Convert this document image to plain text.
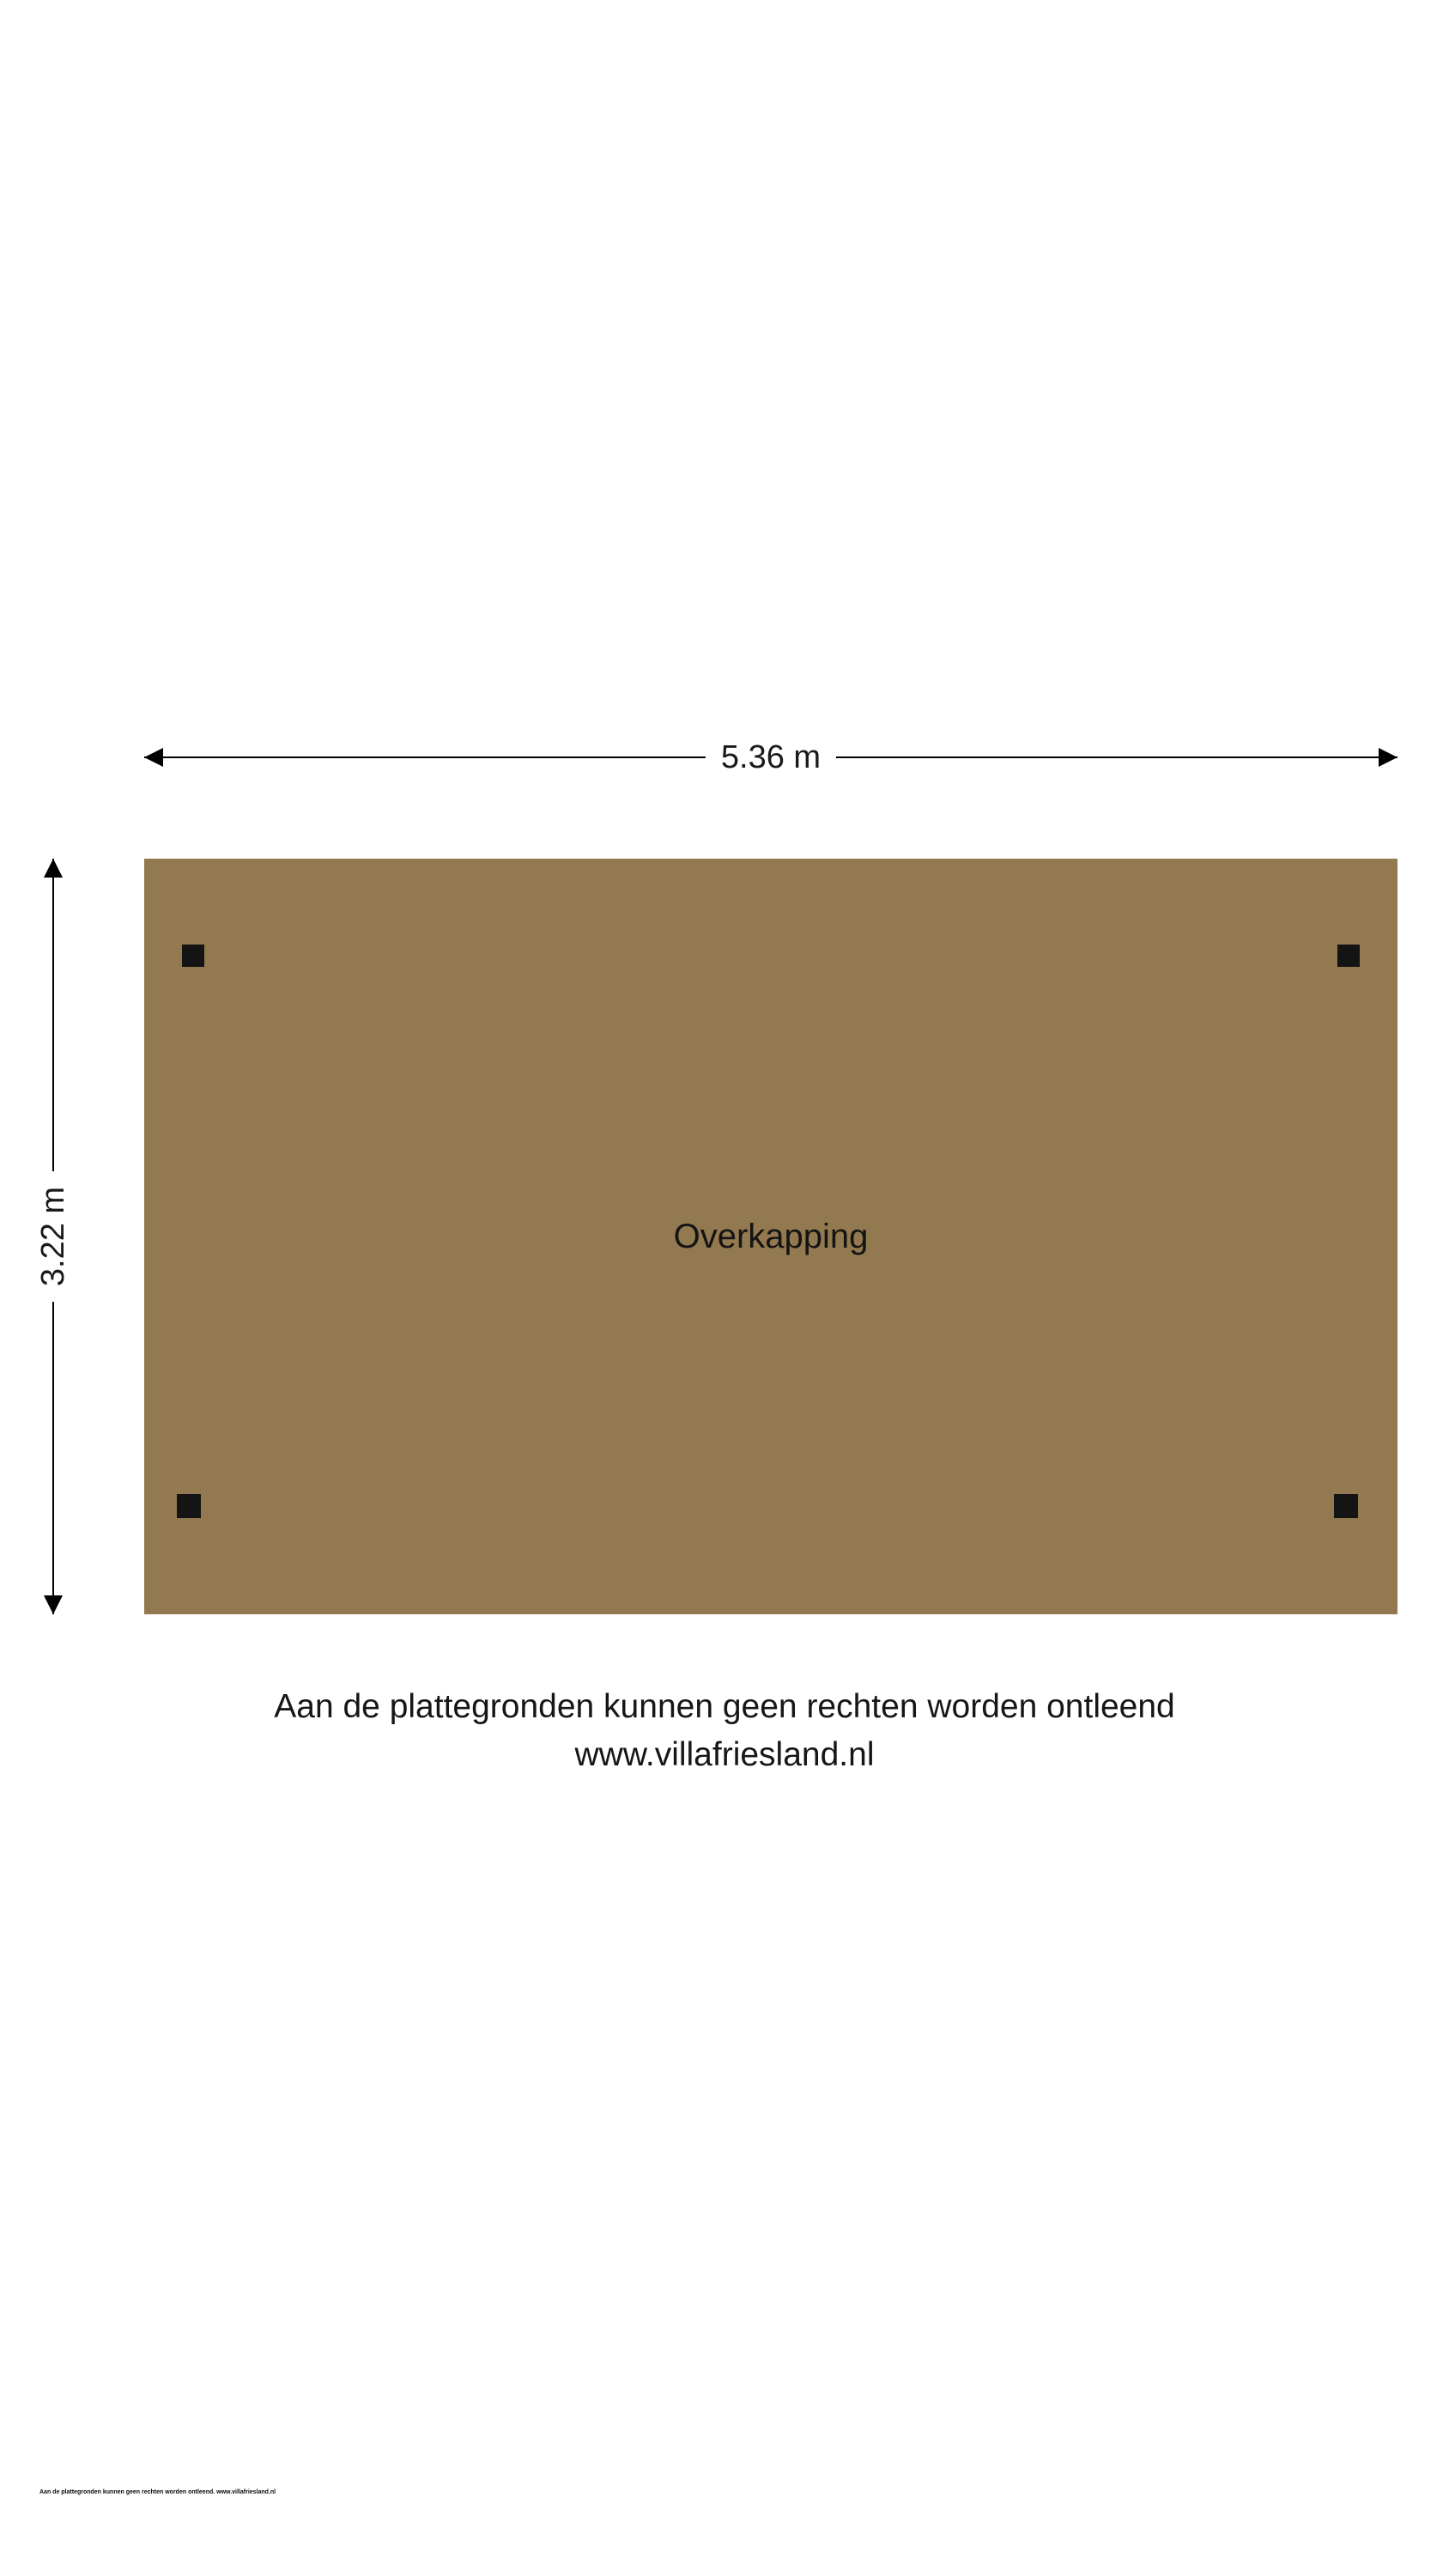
5.36 m
3.22 m	Overkapping
Aan de plattegronden kunnen geen rechten worden ontleend
www.villafriesland.nl
Aan de plattegronden kunnen geen rechten worden ontleend. www.villafriesland.nl
